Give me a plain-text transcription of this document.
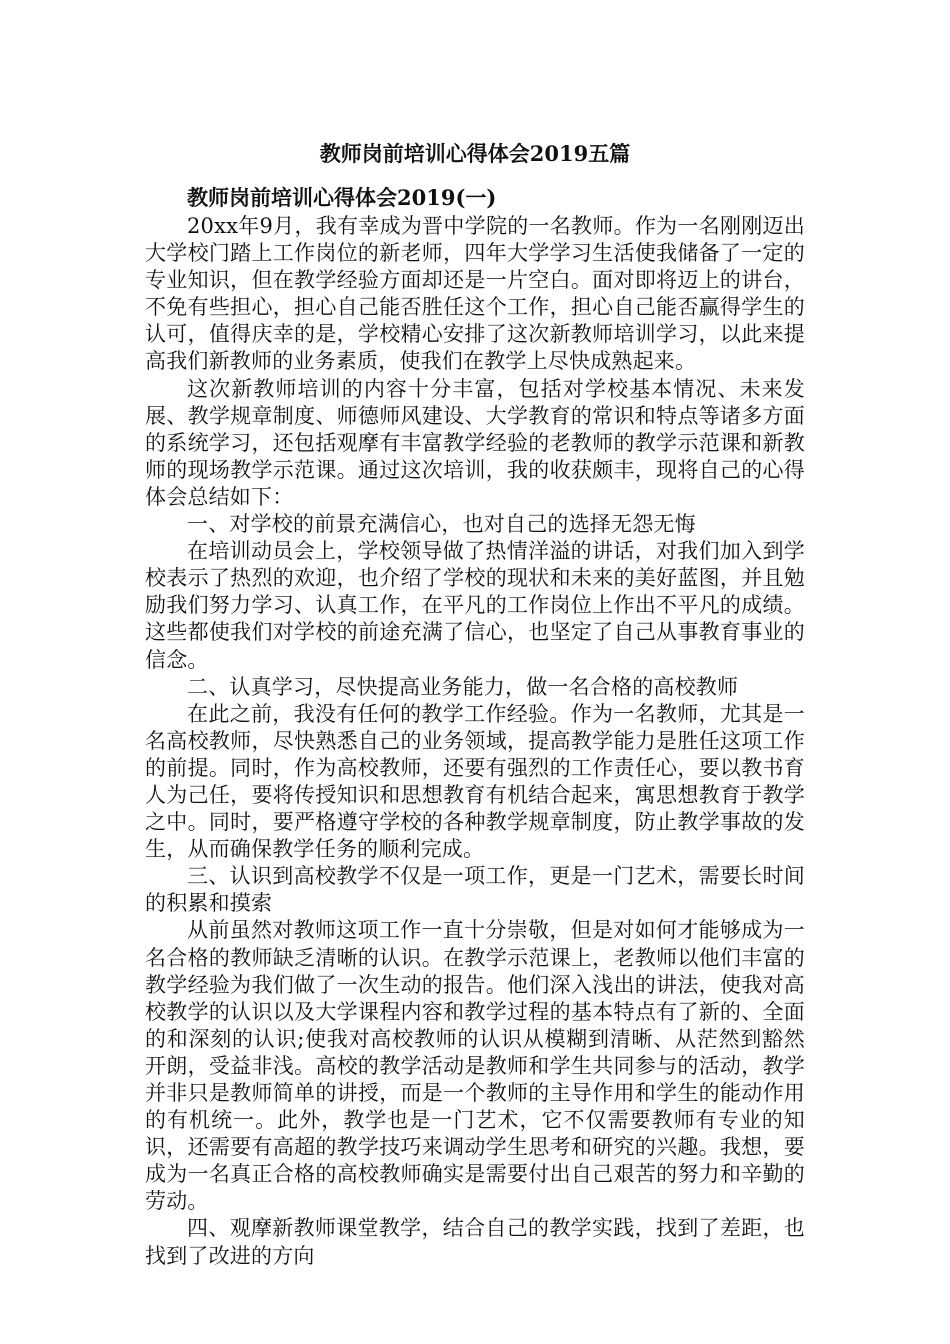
教师岗前培训心得体会2019五篇
教师岗前培训心得体会2019(一)

20xx年9月，我有幸成为晋中学院的一名教师。作为一名刚刚迈出大学校门踏上工作岗位的新老师，四年大学学习生活使我储备了一定的专业知识，但在教学经验方面却还是一片空白。面对即将迈上的讲台，不免有些担心，担心自己能否胜任这个工作，担心自己能否赢得学生的认可，值得庆幸的是，学校精心安排了这次新教师培训学习，以此来提高我们新教师的业务素质，使我们在教学上尽快成熟起来。

这次新教师培训的内容十分丰富，包括对学校基本情况、未来发展、教学规章制度、师德师风建设、大学教育的常识和特点等诸多方面的系统学习，还包括观摩有丰富教学经验的老教师的教学示范课和新教师的现场教学示范课。通过这次培训，我的收获颇丰，现将自己的心得体会总结如下：

一、对学校的前景充满信心，也对自己的选择无怨无悔

在培训动员会上，学校领导做了热情洋溢的讲话，对我们加入到学校表示了热烈的欢迎，也介绍了学校的现状和未来的美好蓝图，并且勉励我们努力学习、认真工作，在平凡的工作岗位上作出不平凡的成绩。这些都使我们对学校的前途充满了信心，也坚定了自己从事教育事业的信念。

二、认真学习，尽快提高业务能力，做一名合格的高校教师

在此之前，我没有任何的教学工作经验。作为一名教师，尤其是一名高校教师，尽快熟悉自己的业务领域，提高教学能力是胜任这项工作的前提。同时，作为高校教师，还要有强烈的工作责任心，要以教书育人为己任，要将传授知识和思想教育有机结合起来，寓思想教育于教学之中。同时，要严格遵守学校的各种教学规章制度，防止教学事故的发生，从而确保教学任务的顺利完成。

三、认识到高校教学不仅是一项工作，更是一门艺术，需要长时间的积累和摸索

从前虽然对教师这项工作一直十分崇敬，但是对如何才能够成为一名合格的教师缺乏清晰的认识。在教学示范课上，老教师以他们丰富的教学经验为我们做了一次生动的报告。他们深入浅出的讲法，使我对高校教学的认识以及大学课程内容和教学过程的基本特点有了新的、全面的和深刻的认识;使我对高校教师的认识从模糊到清晰、从茫然到豁然开朗，受益非浅。高校的教学活动是教师和学生共同参与的活动，教学并非只是教师简单的讲授，而是一个教师的主导作用和学生的能动作用的有机统一。此外，教学也是一门艺术，它不仅需要教师有专业的知识，还需要有高超的教学技巧来调动学生思考和研究的兴趣。我想，要成为一名真正合格的高校教师确实是需要付出自己艰苦的努力和辛勤的劳动。

四、观摩新教师课堂教学，结合自己的教学实践，找到了差距，也找到了改进的方向
